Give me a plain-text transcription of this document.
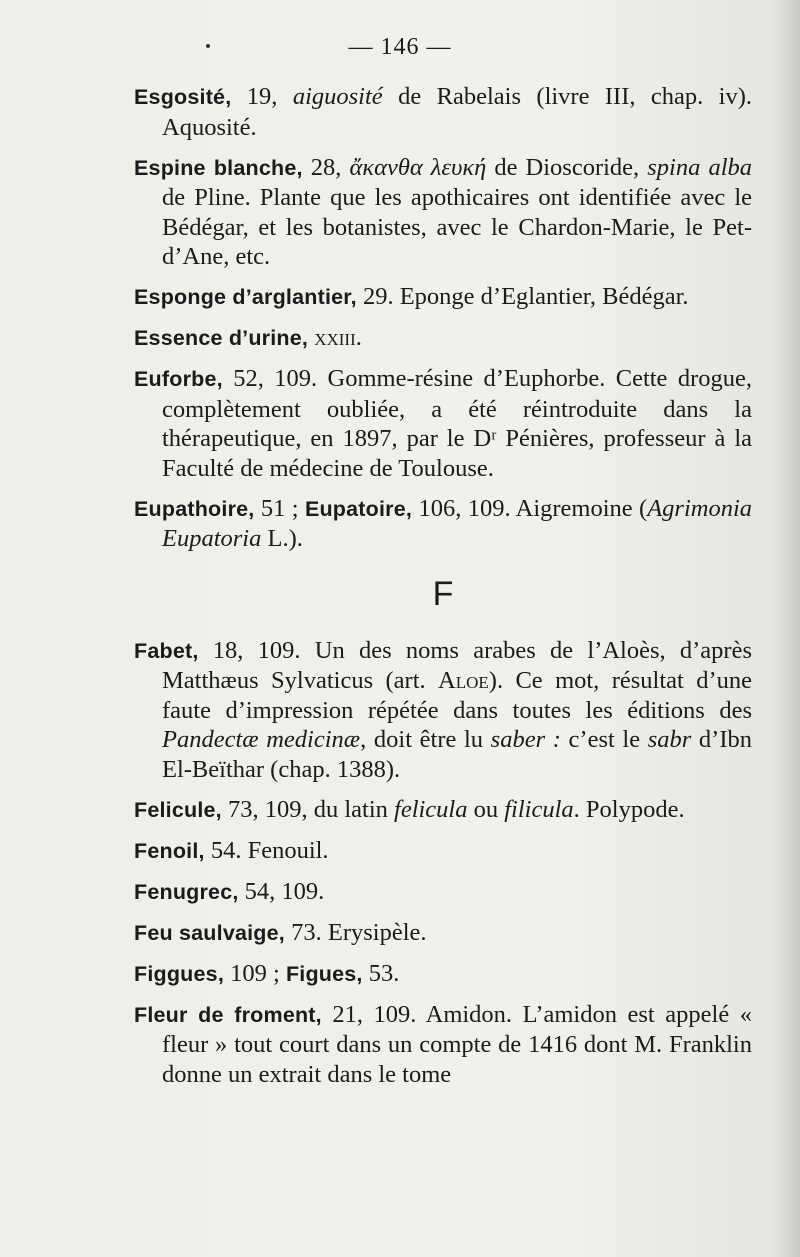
— 146 —

Esgosité, 19, aiguosité de Rabelais (livre III, chap. iv). Aquosité.

Espine blanche, 28, ἄκανθα λευκή de Dioscoride, spina alba de Pline. Plante que les apothicaires ont identifiée avec le Bédégar, et les botanistes, avec le Chardon-Marie, le Pet-d’Ane, etc.

Esponge d’arglantier, 29. Eponge d’Eglantier, Bédégar.

Essence d’urine, xxiii.

Euforbe, 52, 109. Gomme-résine d’Euphorbe. Cette drogue, complètement oubliée, a été réintroduite dans la thérapeutique, en 1897, par le Dʳ Pénières, professeur à la Faculté de médecine de Toulouse.

Eupathoire, 51 ; Eupatoire, 106, 109. Aigremoine (Agrimonia Eupatoria L.).

F

Fabet, 18, 109. Un des noms arabes de l’Aloès, d’après Matthæus Sylvaticus (art. Aloe). Ce mot, résultat d’une faute d’impression répétée dans toutes les éditions des Pandectæ medicinæ, doit être lu saber : c’est le sabr d’Ibn El-Beïthar (chap. 1388).

Felicule, 73, 109, du latin felicula ou filicula. Polypode.

Fenoil, 54. Fenouil.

Fenugrec, 54, 109.

Feu saulvaige, 73. Erysipèle.

Figgues, 109 ; Figues, 53.

Fleur de froment, 21, 109. Amidon. L’amidon est appelé « fleur » tout court dans un compte de 1416 dont M. Franklin donne un extrait dans le tome
